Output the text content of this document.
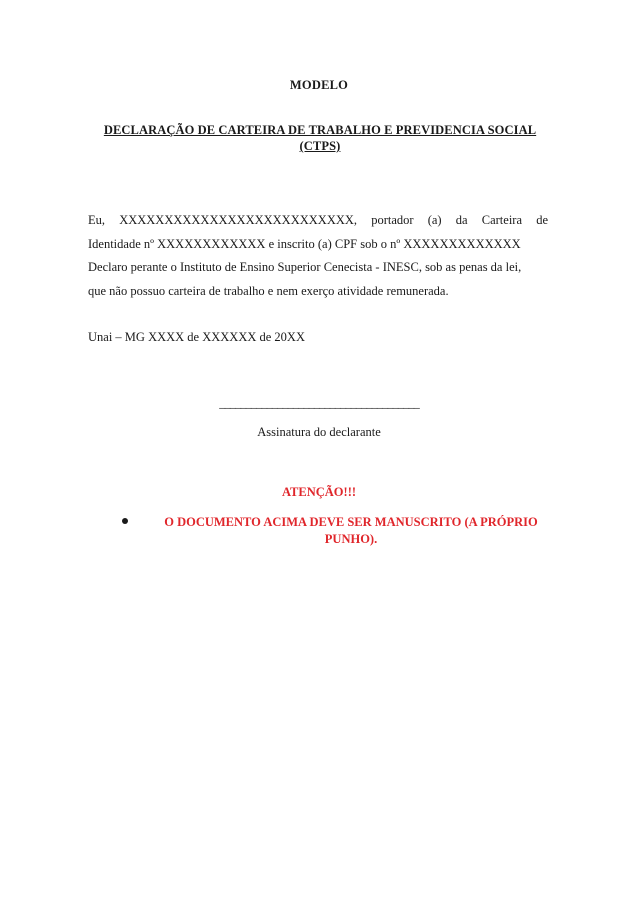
MODELO
DECLARAÇÃO DE CARTEIRA DE TRABALHO E PREVIDENCIA SOCIAL
(CTPS)
Eu, XXXXXXXXXXXXXXXXXXXXXXXXXX, portador (a) da Carteira de
Identidade nº XXXXXXXXXXXX e inscrito (a) CPF sob o nº XXXXXXXXXXXXX
Declaro perante o Instituto de Ensino Superior Cenecista - INESC, sob as penas da lei,
que não possuo carteira de trabalho e nem exerço atividade remunerada.
Unai – MG XXXX de XXXXXX de 20XX
______________________________________
Assinatura do declarante
ATENÇÃO!!!
O DOCUMENTO ACIMA DEVE SER MANUSCRITO (A PRÓPRIO
PUNHO).
